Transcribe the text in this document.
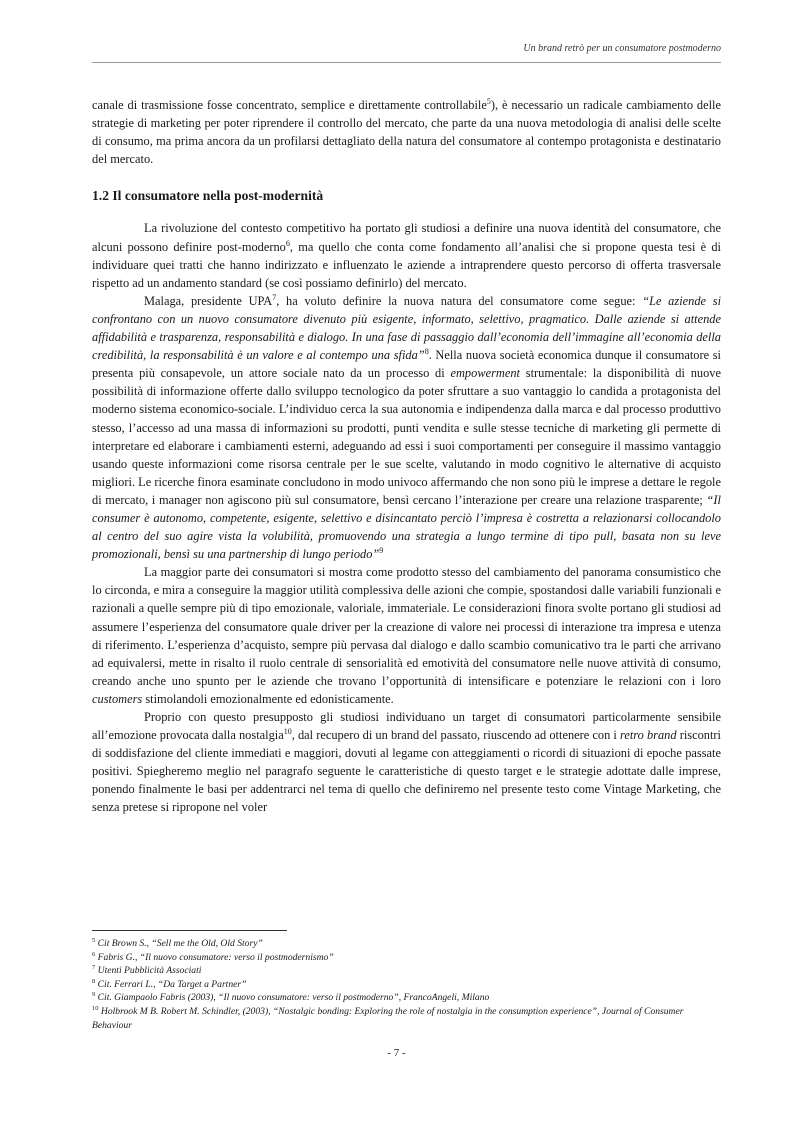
Un brand retrò per un consumatore postmoderno

canale di trasmissione fosse concentrato, semplice e direttamente controllabile$^5$), è necessario un radicale cambiamento delle strategie di marketing per poter riprendere il controllo del mercato, che parte da una nuova metodologia di analisi delle scelte di consumo, ma prima ancora da un profilarsi dettagliato della natura del consumatore al contempo protagonista e destinatario del mercato.

1.2 Il consumatore nella post-modernità

La rivoluzione del contesto competitivo ha portato gli studiosi a definire una nuova identità del consumatore, che alcuni possono definire post-moderno$^6$, ma quello che conta come fondamento all’analisi che si propone questa tesi è di individuare quei tratti che hanno indirizzato e influenzato le aziende a intraprendere questo percorso di offerta trasversale rispetto ad un andamento standard (se così possiamo definirlo) del mercato.

Malaga, presidente UPA$^7$, ha voluto definire la nuova natura del consumatore come segue: “Le aziende si confrontano con un nuovo consumatore divenuto più esigente, informato, selettivo, pragmatico. Dalle aziende si attende affidabilità e trasparenza, responsabilità e dialogo. In una fase di passaggio dall’economia dell’immagine all’economia della credibilità, la responsabilità è un valore e al contempo una sfida”$^8$. Nella nuova società economica dunque il consumatore si presenta più consapevole, un attore sociale nato da un processo di empowerment strumentale: la disponibilità di nuove possibilità di informazione offerte dallo sviluppo tecnologico da poter sfruttare a suo vantaggio lo candida a protagonista del moderno sistema economico-sociale. L’individuo cerca la sua autonomia e indipendenza dalla marca e dal processo produttivo stesso, l’accesso ad una massa di informazioni su prodotti, punti vendita e sulle stesse tecniche di marketing gli permette di interpretare ed elaborare i cambiamenti esterni, adeguando ad essi i suoi comportamenti per conseguire il massimo vantaggio usando queste informazioni come risorsa centrale per le sue scelte, valutando in modo cognitivo le alternative di acquisto migliori. Le ricerche finora esaminate concludono in modo univoco affermando che non sono più le imprese a dettare le regole di mercato, i manager non agiscono più sul consumatore, bensì cercano l’interazione per creare una relazione trasparente; “Il consumer è autonomo, competente, esigente, selettivo e disincantato perciò l’impresa è costretta a relazionarsi collocandolo al centro del suo agire vista la volubilità, promuovendo una strategia a lungo termine di tipo pull, basata non su leve promozionali, bensì su una partnership di lungo periodo”$^9$

La maggior parte dei consumatori si mostra come prodotto stesso del cambiamento del panorama consumistico che lo circonda, e mira a conseguire la maggior utilità complessiva delle azioni che compie, spostandosi dalle variabili funzionali e razionali a quelle sempre più di tipo emozionale, valoriale, immateriale. Le considerazioni finora svolte portano gli studiosi ad assumere l’esperienza del consumatore quale driver per la creazione di valore nei processi di interazione tra impresa e utenza di riferimento. L’esperienza d’acquisto, sempre più pervasa dal dialogo e dallo scambio comunicativo tra le parti che arrivano ad equivalersi, mette in risalto il ruolo centrale di sensorialità ed emotività del consumatore nelle nuove attività di consumo, creando anche uno spunto per le aziende che trovano l’opportunità di intensificare e potenziare le relazioni con i loro customers stimolandoli emozionalmente ed edonisticamente.

Proprio con questo presupposto gli studiosi individuano un target di consumatori particolarmente sensibile all’emozione provocata dalla nostalgia$^{10}$, dal recupero di un brand del passato, riuscendo ad ottenere con i retro brand riscontri di soddisfazione del cliente immediati e maggiori, dovuti al legame con atteggiamenti o ricordi di situazioni di epoche passate positivi. Spiegheremo meglio nel paragrafo seguente le caratteristiche di questo target e le strategie adottate dalle imprese, ponendo finalmente le basi per addentrarci nel tema di quello che definiremo nel presente testo come Vintage Marketing, che senza pretese si ripropone nel voler

$^5$ Cit Brown S., “Sell me the Old, Old Story”

$^6$ Fabris G., “Il nuovo consumatore: verso il postmodernismo”

$^7$ Utenti Pubblicità Associati

$^8$ Cit. Ferrari L., “Da Target a Partner”

$^9$ Cit. Giampaolo Fabris (2003), “Il nuovo consumatore: verso il postmoderno”, FrancoAngeli, Milano

$^{10}$ Holbrook M B. Robert M. Schindler, (2003), “Nostalgic bonding: Exploring the role of nostalgia in the consumption experience”, Journal of Consumer Behaviour

- 7 -
